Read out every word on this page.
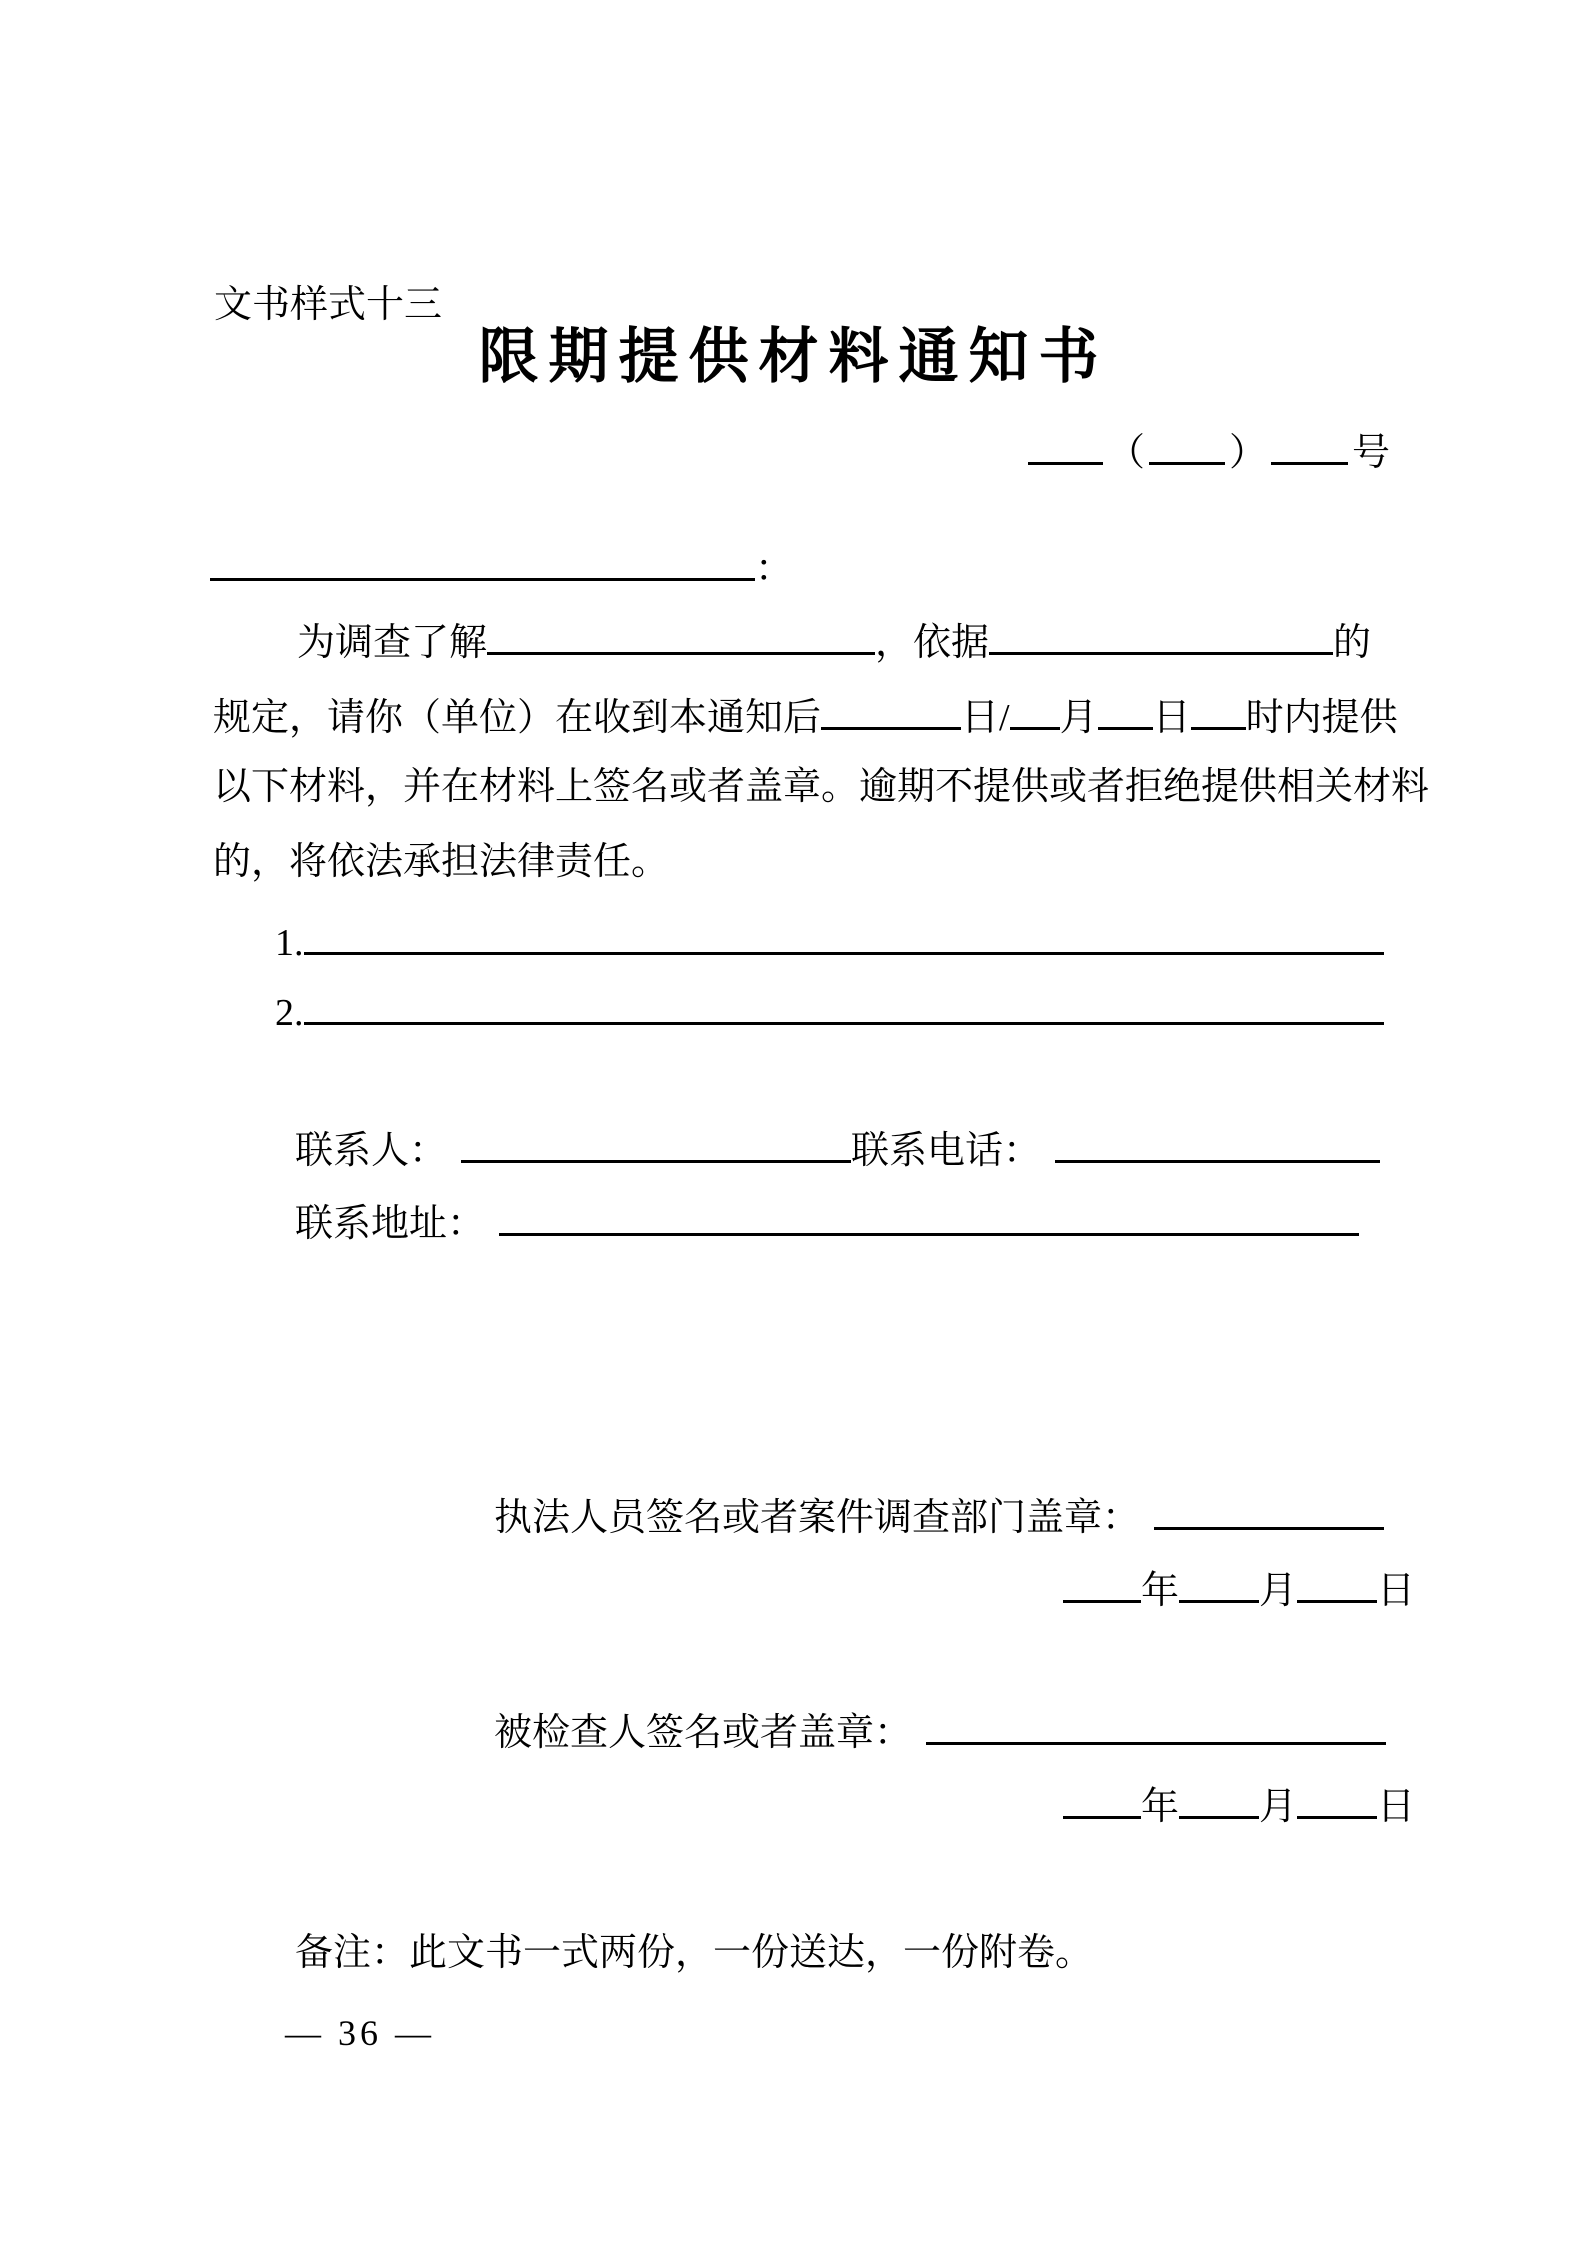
文书样式十三
限期提供材料通知书
（ ） 号
：
为调查了解	，依据	的
规定，请你（单位）在收到本通知后	日/ 月 日 时内提供
以下材料，并在材料上签名或者盖章。逾期不提供或者拒绝提供相关材料
的，将依法承担法律责任。
1.
2.
联系人：	联系电话：
联系地址：
执法人员签名或者案件调查部门盖章：
年 月 日
被检查人签名或者盖章：
年 月 日
备注：此文书一式两份，一份送达，一份附卷。
— 36 —
